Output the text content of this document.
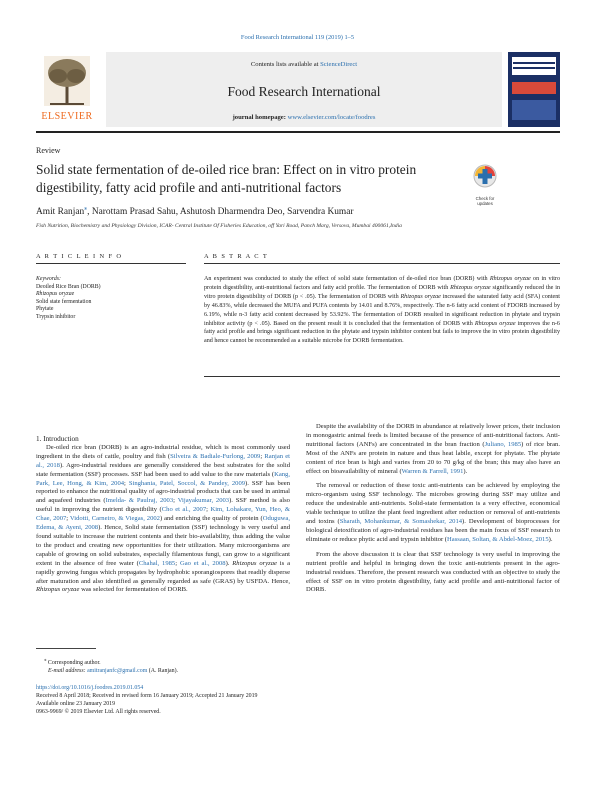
Food Research International 119 (2019) 1–5
ELSEVIER
Contents lists available at ScienceDirect
Food Research International
journal homepage: www.elsevier.com/locate/foodres
Review
Solid state fermentation of de-oiled rice bran: Effect on in vitro protein digestibility, fatty acid profile and anti-nutritional factors
Check for updates
Amit Ranjan⁎, Narottam Prasad Sahu, Ashutosh Dharmendra Deo, Sarvendra Kumar
Fish Nutrition, Biochemistry and Physiology Division, ICAR- Central Institute Of Fisheries Education, off Yari Road, Panch Marg, Versova, Mumbai 400061,India
A R T I C L E I N F O	A B S T R A C T
Keywords:
Deoiled Rice Bran (DORB)
Rhizopus oryzae
Solid state fermentation
Phytate
Trypsin inhibitor
An experiment was conducted to study the effect of solid state fermentation of de-oiled rice bran (DORB) with Rhizopus oryzae on in vitro protein digestibility, anti-nutritional factors and fatty acid profile. The fermentation of DORB with Rhizopus oryzae significantly reduced the in vitro protein digestibility of DORB (p < .05). The fermentation of DORB with Rhizopus oryzae increased the saturated fatty acid (SFA) content by 46.83%, while decreased the MUFA and PUFA contents by 14.01 and 8.76%, respectively. The n-6 fatty acid content of FDORB increased by 6.19%, while n-3 fatty acid content decreased by 53.92%. The fermentation of DORB resulted in significant reduction in phytate and trypsin inhibitor activity (p < .05). Based on the present result it is concluded that the fermentation of DORB with Rhizopus oryzae improves the n-6 fatty acid profile and brings significant reduction in the phytate and trypsin inhibitor content but fails to improve the in vitro protein digestibility and hence cannot be recommended as a suitable microbe for DORB fermentation.

1. Introduction

De-oiled rice bran (DORB) is an agro-industrial residue, which is most commonly used ingredient in the diets of cattle, poultry and fish (Silveira & Badiale-Furlong, 2009; Ranjan et al., 2018). Agro-industrial residues are generally considered the best substrates for the solid state fermentation (SSF) processes. SSF had been used to add value to the raw materials (Kang, Park, Lee, Hong, & Kim, 2004; Singhania, Patel, Soccol, & Pandey, 2009). SSF has been reported to enhance the nutritional quality of agro-industrial products that can be used in animal and aquafeed industries (Imelda- & Paulraj, 2003; Vijayakumar, 2003). SSF method is also useful in improving the nutrient digestibility (Cho et al., 2007; Kim, Lohakare, Yun, Heo, & Chae, 2007; Vidotti, Carneiro, & Viegas, 2002) and enriching the quality of protein (Oduguwa, Edema, & Ayeni, 2008). Hence, Solid state fermentation (SSF) technology is very useful and found suitable to increase the nutrient contents and their bio-availability, thus adding the value to the product and creating new opportunities for their utilization. Many microorganisms are capable of growing on solid substrates, especially filamentous fungi, can grow to a significant extent in the absence of free water (Chahal, 1985; Gao et al., 2008). Rhizopus oryzae is a rapidly growing fungus which propagates by hydrophobic sporangiospores that readily disperse after maturation and also identified as generally regarded as safe (GRAS) by USFDA. Hence, Rhizopus oryzae was selected for fermentation of DORB.

Despite the availability of the DORB in abundance at relatively lower prices, their inclusion in monogastric animal feeds is limited because of the presence of anti-nutritional factors. Anti-nutritional factors (ANFs) are concentrated in the bran fraction (Juliano, 1985) of rice bran. Most of the ANFs are protein in nature and thus heat labile, except for phytate. The phytate content of rice bran is high and varies from 20 to 70 g/kg of the bran; this may also have an effect on bioavailability of mineral (Warren & Farrell, 1991).

The removal or reduction of these toxic anti-nutrients can be achieved by employing the micro-organism using SSF technology. The microbes growing during SSF may utilize and reduce the undesirable anti-nutrients. Solid-state fermentation is a very effective, economical viable technique to utilize the plant feed ingredient after reduction or removal of anti-nutrients and toxins (Sharath, Mohankumar, & Somashekar, 2014). Development of bioprocesses for biological detoxification of agro-industrial residues has been the main focus of SSF research to eliminate or reduce phytic acid and trypsin inhibitor (Hassaan, Soltan, & Abdel-Moez, 2015).

From the above discussion it is clear that SSF technology is very useful in improving the nutrient profile and helpful in bringing down the toxic anti-nutrients present in the agro-industrial residues. Therefore, the present research was conducted with an objective to study the effect of SSF on in vitro protein digestibility, fatty acid profile and anti-nutritional factor of DORB.

⁎ Corresponding author.
E-mail address: amitranjanfc@gmail.com (A. Ranjan).
https://doi.org/10.1016/j.foodres.2019.01.054
Received 8 April 2018; Received in revised form 16 January 2019; Accepted 21 January 2019
Available online 23 January 2019
0963-9969/ © 2019 Elsevier Ltd. All rights reserved.
